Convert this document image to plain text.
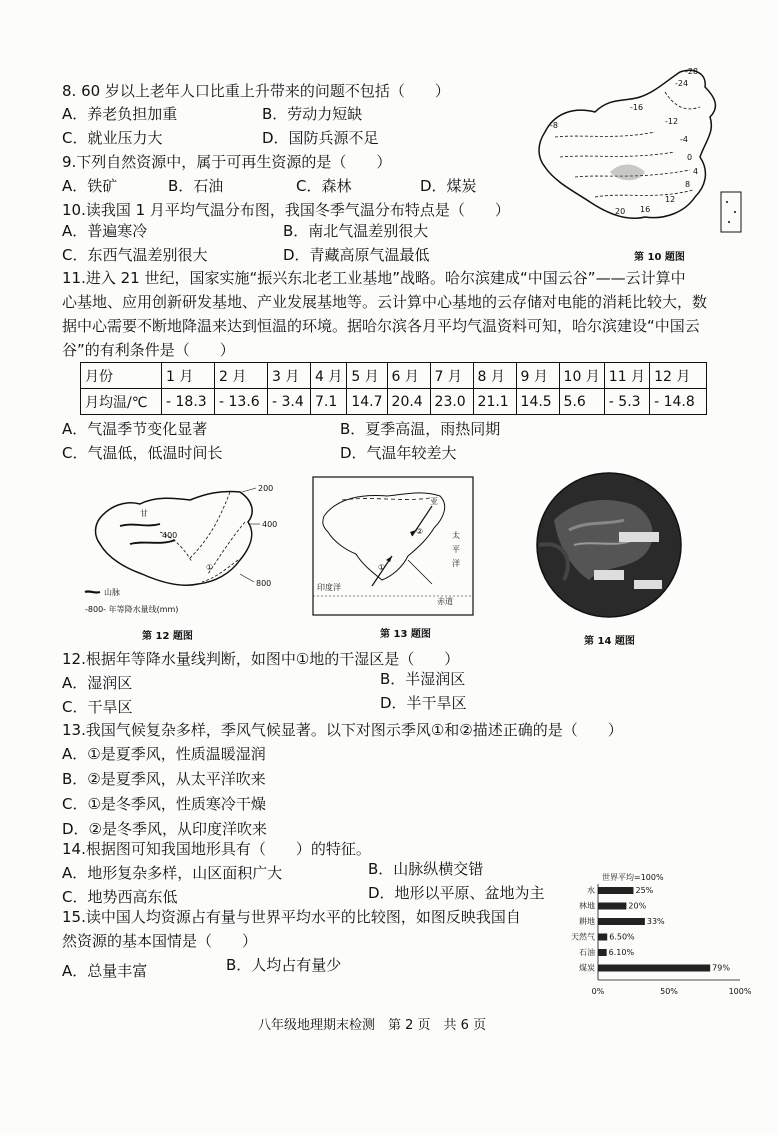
8. 60 岁以上老年人口比重上升带来的问题不包括（　　）
A．养老负担加重	B．劳动力短缺
C．就业压力大	D．国防兵源不足
9.下列自然资源中，属于可再生资源的是（　　）
A．铁矿	B．石油	C．森林	D．煤炭
10.读我国 1 月平均气温分布图，我国冬季气温分布特点是（　　）
A．普遍寒冷	B．南北气温差别很大
C．东西气温差别很大	D．青藏高原气温最低
-28
-24
-16
-12
-8
-4
0
4
8
12
16
20
第 10 题图
11.进入 21 世纪，国家实施“振兴东北老工业基地”战略。哈尔滨建成“中国云谷”——云计算中
心基地、应用创新研发基地、产业发展基地等。云计算中心基地的云存储对电能的消耗比较大，数
据中心需要不断地降温来达到恒温的环境。据哈尔滨各月平均气温资料可知，哈尔滨建设“中国云
谷”的有利条件是（　　）
月份	1 月	2 月	3 月	4 月	5 月	6 月	7 月	8 月	9 月	10 月	11 月	12 月
月均温/℃	- 18.3	- 13.6	- 3.4	7.1	14.7	20.4	23.0	21.1	14.5	5.6	- 5.3	- 14.8
A．气温季节变化显著	B．夏季高温，雨热同期
C．气温低，低温时间长	D．气温年较差大
200
400
800
400
甘
①
山脉
-800- 年等降水量线(mm)
第 12 题图
亚
太
平
洋
印度洋
赤道
②
①
第 13 题图
第 14 题图
12.根据年等降水量线判断，如图中①地的干湿区是（　　）
A．湿润区	B．半湿润区
C．干旱区	D．半干旱区
13.我国气候复杂多样，季风气候显著。以下对图示季风①和②描述正确的是（　　）
A．①是夏季风，性质温暖湿润
B．②是夏季风，从太平洋吹来
C．①是冬季风，性质寒冷干燥
D．②是冬季风，从印度洋吹来
14.根据图可知我国地形具有（　　）的特征。
A．地形复杂多样，山区面积广大	B．山脉纵横交错
C．地势西高东低	D．地形以平原、盆地为主
15.读中国人均资源占有量与世界平均水平的比较图，如图反映我国自
然资源的基本国情是（　　）
A．总量丰富	B．人均占有量少
世界平均=100%
水	25%
林地	20%
耕地	33%
天然气 6.50%
石油 6.10%
煤炭	79%
0%	50%	100%
八年级地理期末检测　第 2 页　共 6 页
